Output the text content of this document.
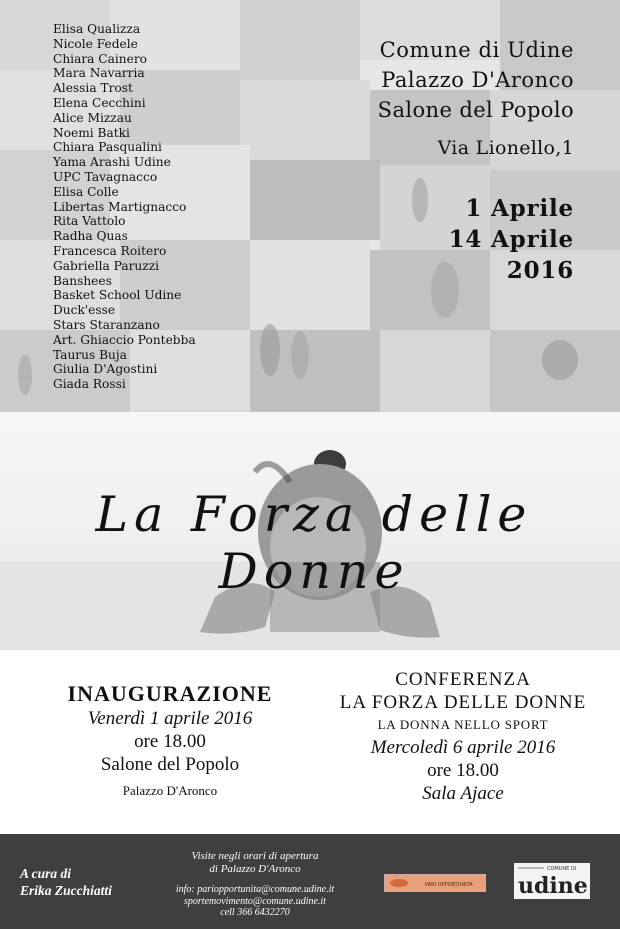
Elisa Qualizza
Nicole Fedele
Chiara Cainero
Mara Navarria
Alessia Trost
Elena Cecchini
Alice Mizzau
Noemi Batki
Chiara Pasqualini
Yama Arashi Udine
UPC Tavagnacco
Elisa Colle
Libertas Martignacco
Rita Vattolo
Radha Quas
Francesca Roitero
Gabriella Paruzzi
Banshees
Basket School Udine
Duck'esse
Stars Staranzano
Art. Ghiaccio Pontebba
Taurus Buja
Giulia D'Agostini
Giada Rossi
Comune di Udine
Palazzo D'Aronco
Salone del Popolo
Via Lionello,1
1 Aprile
14 Aprile
2016
La Forza delle Donne
INAUGURAZIONE
Venerdì 1 aprile 2016
ore 18.00
Salone del Popolo
Palazzo D'Aronco
CONFERENZA
LA FORZA DELLE DONNE
LA DONNA NELLO SPORT
Mercoledì 6 aprile 2016
ore 18.00
Sala Ajace
A cura di
Erika Zucchiatti
Visite negli orari di apertura
di Palazzo D'Aronco
info: pariopportunita@comune.udine.it
sportemovimento@comune.udine.it
cell 366 6432270
PARI OPPORTUNITÀ
COMUNE DI
udine
